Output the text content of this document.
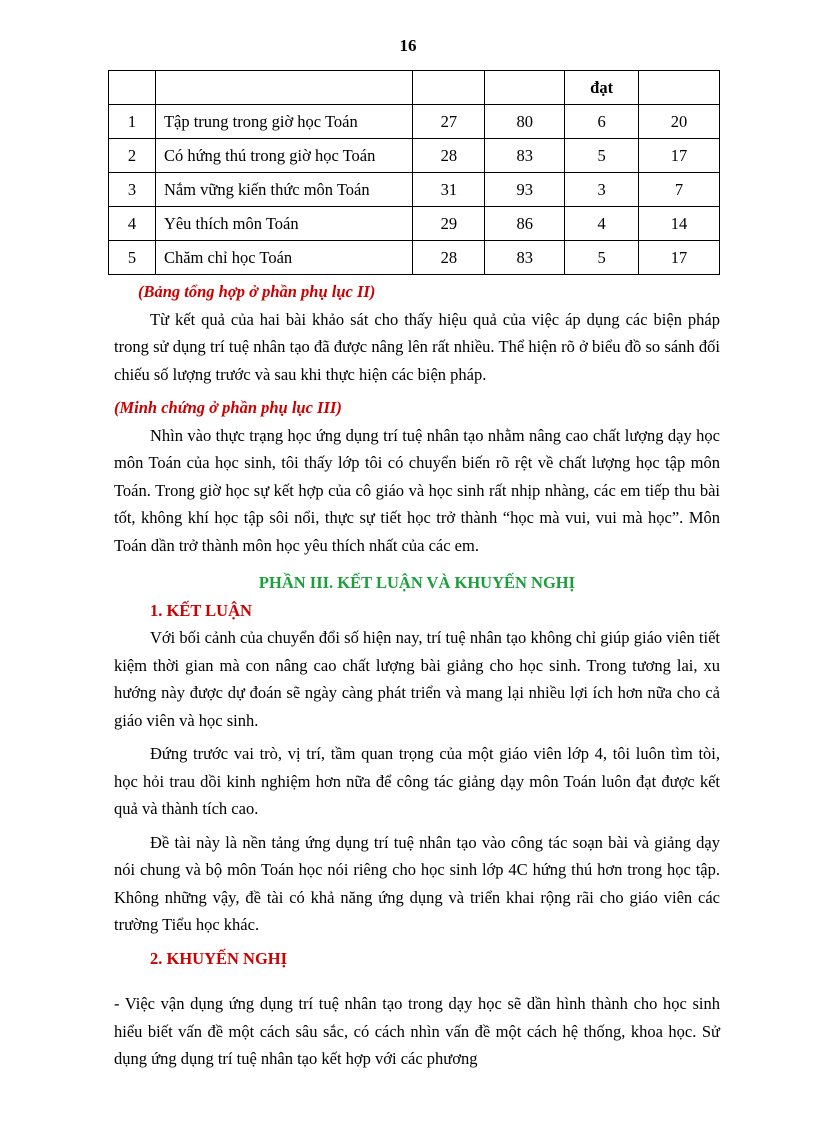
16
				đạt	
1	Tập trung trong giờ học Toán	27	80	6	20
2	Có hứng thú trong giờ học Toán	28	83	5	17
3	Nắm vững kiến thức môn Toán	31	93	3	7
4	Yêu thích môn Toán	29	86	4	14
5	Chăm chỉ học Toán	28	83	5	17

(Bảng tổng hợp ở phần phụ lục II)

Từ kết quả của hai bài khảo sát cho thấy hiệu quả của việc áp dụng các biện pháp trong sử dụng trí tuệ nhân tạo đã được nâng lên rất nhiều. Thể hiện rõ ở biểu đồ so sánh đối chiếu số lượng trước và sau khi thực hiện các biện pháp.

(Minh chứng ở phần phụ lục III)

Nhìn vào thực trạng học ứng dụng trí tuệ nhân tạo nhằm nâng cao chất lượng dạy học môn Toán của học sinh, tôi thấy lớp tôi có chuyển biến rõ rệt về chất lượng học tập môn Toán. Trong giờ học sự kết hợp của cô giáo và học sinh rất nhịp nhàng, các em tiếp thu bài tốt, không khí học tập sôi nổi, thực sự tiết học trở thành “học mà vui, vui mà học”. Môn Toán dần trở thành môn học yêu thích nhất của các em.

PHẦN III. KẾT LUẬN VÀ KHUYẾN NGHỊ

1. KẾT LUẬN

Với bối cảnh của chuyển đổi số hiện nay, trí tuệ nhân tạo không chỉ giúp giáo viên tiết kiệm thời gian mà con nâng cao chất lượng bài giảng cho học sinh. Trong tương lai, xu hướng này được dự đoán sẽ ngày càng phát triển và mang lại nhiều lợi ích hơn nữa cho cả giáo viên và học sinh.

Đứng trước vai trò, vị trí, tầm quan trọng của một giáo viên lớp 4, tôi luôn tìm tòi, học hỏi trau dồi kinh nghiệm hơn nữa để công tác giảng dạy môn Toán luôn đạt được kết quả và thành tích cao.

Đề tài này là nền tảng ứng dụng trí tuệ nhân tạo vào công tác soạn bài và giảng dạy nói chung và bộ môn Toán học nói riêng cho học sinh lớp 4C hứng thú hơn trong học tập. Không những vậy, đề tài có khả năng ứng dụng và triển khai rộng rãi cho giáo viên các trường Tiểu học khác.

2. KHUYẾN NGHỊ

- Việc vận dụng ứng dụng trí tuệ nhân tạo trong dạy học sẽ dần hình thành cho học sinh hiểu biết vấn đề một cách sâu sắc, có cách nhìn vấn đề một cách hệ thống, khoa học. Sử dụng ứng dụng trí tuệ nhân tạo kết hợp với các phương
